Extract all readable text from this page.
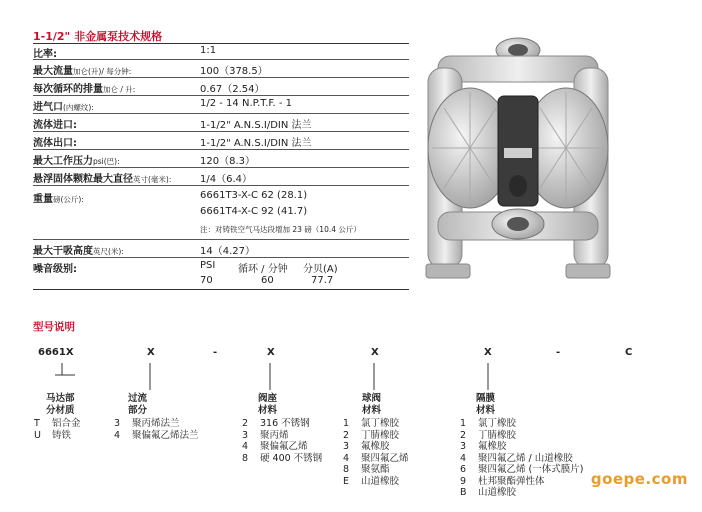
1-1/2" 非金属泵技术规格
比率:	1:1
最大流量加仑(升)/ 每分钟:	100（378.5）
每次循环的排量加仑 / 升:	0.67（2.54）
进气口(内螺纹):	1/2 - 14 N.P.T.F. - 1
流体进口:	1-1/2" A.N.S.I/DIN 法兰
流体出口:	1-1/2" A.N.S.I/DIN 法兰
最大工作压力psi(巴):	120（8.3）
悬浮固体颗粒最大直径英寸(毫米):	1/4（6.4）
重量磅(公斤):	6661T3-X-C 62 (28.1)
6661T4-X-C 92 (41.7)
注：对铸铁空气马达段增加 23 磅（10.4 公斤）
最大干吸高度英尺(米):	14（4.27）
噪音级别:	PSI 循环 / 分钟 分贝(A)
70	60	77.7
型号说明
6661X	X	-	X	X	X	-	C
马达部
分材质
T 铝合金
U 铸铁
过流
部分
3 聚丙烯法兰
4 聚偏氟乙烯法兰
阀座
材料
2 316 不锈钢
3 聚丙烯
4 聚偏氟乙烯
8 硬 400 不锈钢
球阀
材料
1 氯丁橡胶
2 丁腈橡胶
3 氟橡胶
4 聚四氟乙烯
8 聚氨酯
E 山道橡胶
隔膜
材料
1 氯丁橡胶
2 丁腈橡胶
3 氟橡胶
4 聚四氟乙烯 / 山道橡胶
6 聚四氟乙烯 (一体式膜片)
9 杜邦聚酯弹性体
B 山道橡胶
goepe.com
